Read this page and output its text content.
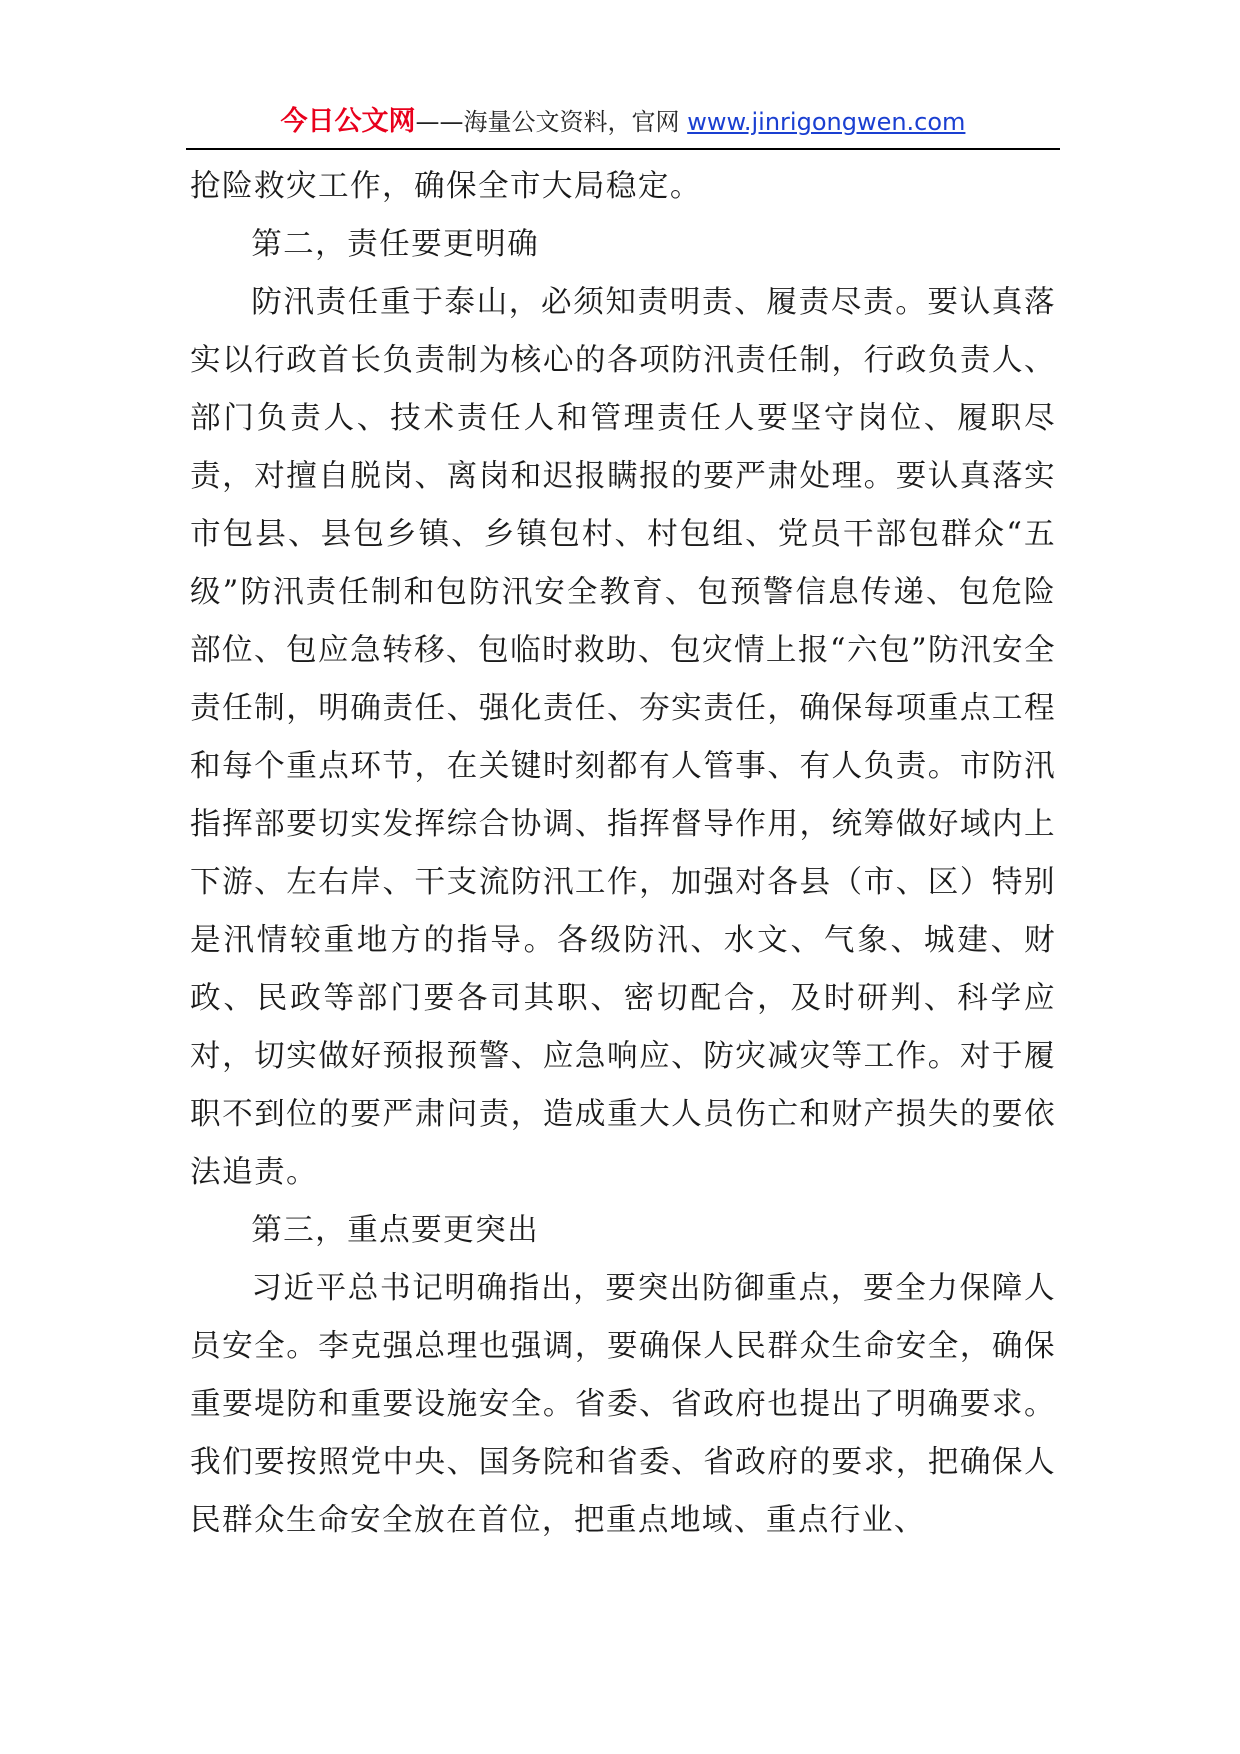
今日公文网——海量公文资料，官网 www.jinrigongwen.com

抢险救灾工作，确保全市大局稳定。

第二，责任要更明确

防汛责任重于泰山，必须知责明责、履责尽责。要认真落实以行政首长负责制为核心的各项防汛责任制，行政负责人、部门负责人、技术责任人和管理责任人要坚守岗位、履职尽责，对擅自脱岗、离岗和迟报瞒报的要严肃处理。要认真落实市包县、县包乡镇、乡镇包村、村包组、党员干部包群众“五级”防汛责任制和包防汛安全教育、包预警信息传递、包危险部位、包应急转移、包临时救助、包灾情上报“六包”防汛安全责任制，明确责任、强化责任、夯实责任，确保每项重点工程和每个重点环节，在关键时刻都有人管事、有人负责。市防汛指挥部要切实发挥综合协调、指挥督导作用，统筹做好域内上下游、左右岸、干支流防汛工作，加强对各县（市、区）特别是汛情较重地方的指导。各级防汛、水文、气象、城建、财政、民政等部门要各司其职、密切配合，及时研判、科学应对，切实做好预报预警、应急响应、防灾减灾等工作。对于履职不到位的要严肃问责，造成重大人员伤亡和财产损失的要依法追责。

第三，重点要更突出

习近平总书记明确指出，要突出防御重点，要全力保障人员安全。李克强总理也强调，要确保人民群众生命安全，确保重要堤防和重要设施安全。省委、省政府也提出了明确要求。我们要按照党中央、国务院和省委、省政府的要求，把确保人民群众生命安全放在首位，把重点地域、重点行业、
